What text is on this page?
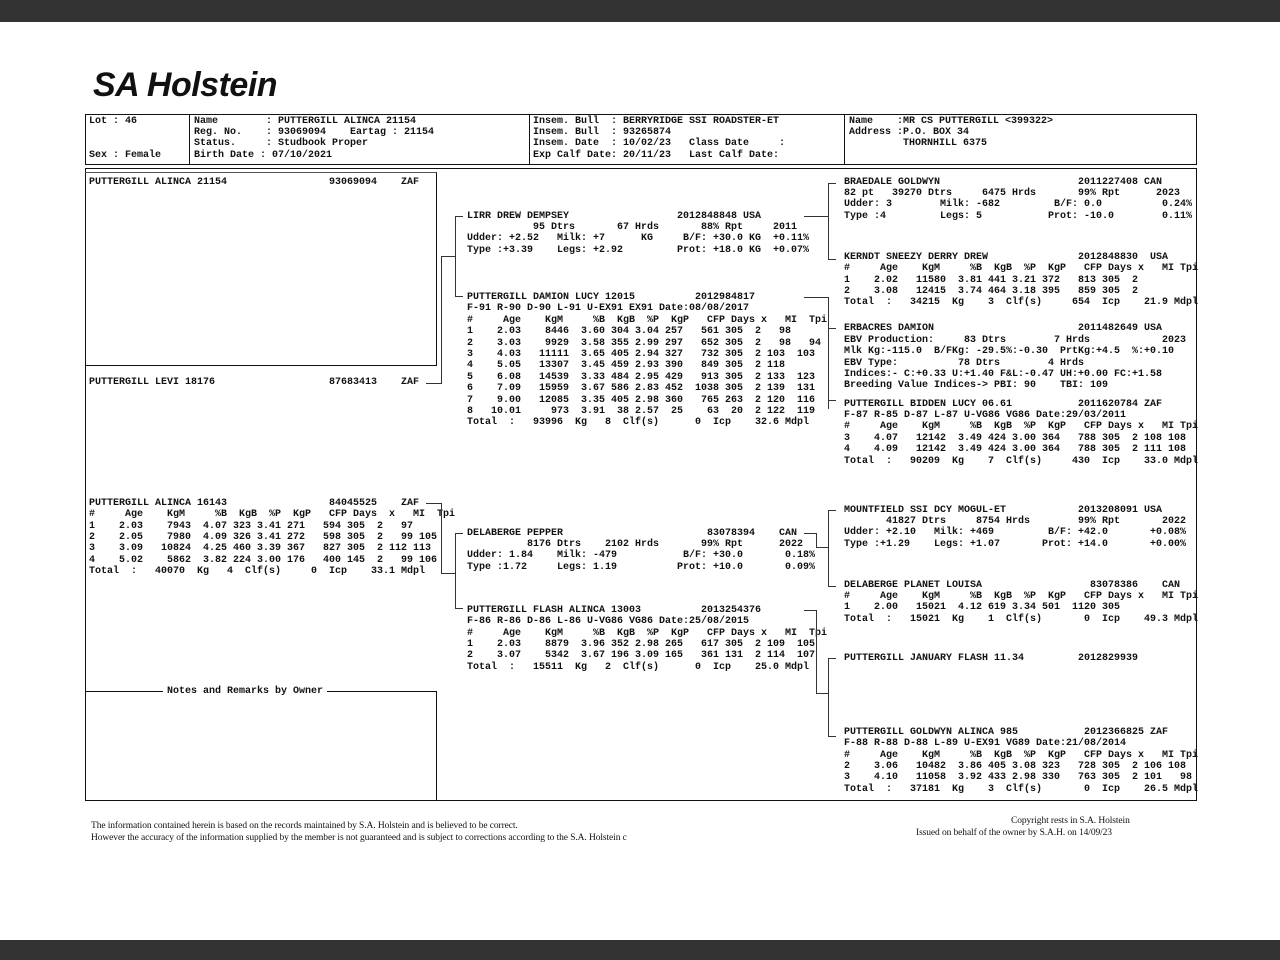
SA Holstein
Lot : 46
Sex : Female
Name        : PUTTERGILL ALINCA 21154
Reg. No.    : 93069094    Eartag : 21154
Status.     : Studbook Proper
Birth Date : 07/10/2021
Insem. Bull  : BERRYRIDGE SSI ROADSTER-ET
Insem. Bull  : 93265874
Insem. Date  : 10/02/23   Class Date     :
Exp Calf Date: 20/11/23   Last Calf Date:
Name    :MR CS PUTTERGILL <399322>
Address :P.O. BOX 34
THORNHILL 6375
PUTTERGILL ALINCA 21154                 93069094    ZAF
PUTTERGILL LEVI 18176                   87683413    ZAF
LIRR DREW DEMPSEY                  2012848848 USA
95 Dtrs       67 Hrds       88% Rpt     2011
Udder: +2.52   Milk: +7      KG     B/F: +30.0 KG  +0.11%
Type :+3.39    Legs: +2.92         Prot: +18.0 KG  +0.07%
PUTTERGILL DAMION LUCY 12015          2012984817
F-91 R-90 D-90 L-91 U-EX91 EX91 Date:08/08/2017
#     Age    KgM     %B  KgB  %P  KgP   CFP Days x   MI  Tpi
1    2.03    8446  3.60 304 3.04 257   561 305  2   98
2    3.03    9929  3.58 355 2.99 297   652 305  2   98   94
3    4.03   11111  3.65 405 2.94 327   732 305  2 103  103
4    5.05   13307  3.45 459 2.93 390   849 305  2 118
5    6.08   14539  3.33 484 2.95 429   913 305  2 133  123
6    7.09   15959  3.67 586 2.83 452  1038 305  2 139  131
7    9.00   12085  3.35 405 2.98 360   765 263  2 120  116
8   10.01     973  3.91  38 2.57  25    63  20  2 122  119
Total  :   93996  Kg   8  Clf(s)      0  Icp    32.6 Mdpl
BRAEDALE GOLDWYN                       2011227408 CAN
82 pt   39270 Dtrs     6475 Hrds       99% Rpt      2023
Udder: 3        Milk: -682         B/F: 0.0          0.24%
Type :4         Legs: 5           Prot: -10.0        0.11%
KERNDT SNEEZY DERRY DREW               2012848830  USA
#     Age    KgM     %B  KgB  %P  KgP   CFP Days x   MI Tpi
1    2.02   11580  3.81 441 3.21 372   813 305  2
2    3.08   12415  3.74 464 3.18 395   859 305  2
Total  :   34215  Kg    3  Clf(s)     654  Icp    21.9 Mdpl
ERBACRES DAMION                        2011482649 USA
EBV Production:     83 Dtrs        7 Hrds            2023
Mlk Kg:-115.0  B/FKg: -29.5%:-0.30  PrtKg:+4.5  %:+0.10
EBV Type:          78 Dtrs        4 Hrds
Indices:- C:+0.33 U:+1.40 F&L:-0.47 UH:+0.00 FC:+1.58
Breeding Value Indices-> PBI: 90    TBI: 109
PUTTERGILL BIDDEN LUCY 06.61           2011620784 ZAF
F-87 R-85 D-87 L-87 U-VG86 VG86 Date:29/03/2011
#     Age    KgM     %B  KgB  %P  KgP   CFP Days x   MI Tpi
3    4.07   12142  3.49 424 3.00 364   788 305  2 108 108
4    4.09   12142  3.49 424 3.00 364   788 305  2 111 108
Total  :   90209  Kg    7  Clf(s)     430  Icp    33.0 Mdpl
PUTTERGILL ALINCA 16143                 84045525    ZAF
#     Age    KgM     %B  KgB  %P  KgP   CFP Days  x   MI  Tpi
1    2.03    7943  4.07 323 3.41 271   594 305  2   97
2    2.05    7980  4.09 326 3.41 272   598 305  2   99 105
3    3.09   10824  4.25 460 3.39 367   827 305  2 112 113
4    5.02    5862  3.82 224 3.00 176   400 145  2   99 106
Total  :   40070  Kg   4  Clf(s)     0  Icp    33.1 Mdpl
DELABERGE PEPPER                        83078394    CAN
8176 Dtrs    2102 Hrds       99% Rpt      2022
Udder: 1.84    Milk: -479           B/F: +30.0       0.18%
Type :1.72     Legs: 1.19          Prot: +10.0       0.09%
PUTTERGILL FLASH ALINCA 13003          2013254376
F-86 R-86 D-86 L-86 U-VG86 VG86 Date:25/08/2015
#     Age    KgM     %B  KgB  %P  KgP   CFP Days x   MI  Tpi
1    2.03    8879  3.96 352 2.98 265   617 305  2 109  105
2    3.07    5342  3.67 196 3.09 165   361 131  2 114  107
Total  :   15511  Kg   2  Clf(s)      0  Icp    25.0 Mdpl
MOUNTFIELD SSI DCY MOGUL-ET            2013208091 USA
41827 Dtrs     8754 Hrds        99% Rpt       2022
Udder: +2.10   Milk: +469         B/F: +42.0       +0.08%
Type :+1.29    Legs: +1.07       Prot: +14.0       +0.00%
DELABERGE PLANET LOUISA                  83078386    CAN
#     Age    KgM     %B  KgB  %P  KgP   CFP Days x   MI Tpi
1    2.00   15021  4.12 619 3.34 501  1120 305
Total  :   15021  Kg    1  Clf(s)       0  Icp    49.3 Mdpl
PUTTERGILL JANUARY FLASH 11.34         2012829939
PUTTERGILL GOLDWYN ALINCA 985           2012366825 ZAF
F-88 R-88 D-88 L-89 U-EX91 VG89 Date:21/08/2014
#     Age    KgM     %B  KgB  %P  KgP   CFP Days x   MI Tpi
2    3.06   10482  3.86 405 3.08 323   728 305  2 106 108
3    4.10   11058  3.92 433 2.98 330   763 305  2 101   98
Total  :   37181  Kg    3  Clf(s)       0  Icp    26.5 Mdpl
Notes and Remarks by Owner
The information contained herein is based on the records maintained by S.A. Holstein and is believed to be correct.
However the accuracy of the information supplied by the member is not guaranteed and is subject to corrections according to the S.A. Holstein c
Copyright rests in S.A. Holstein
Issued on behalf of the owner by S.A.H. on 14/09/23
